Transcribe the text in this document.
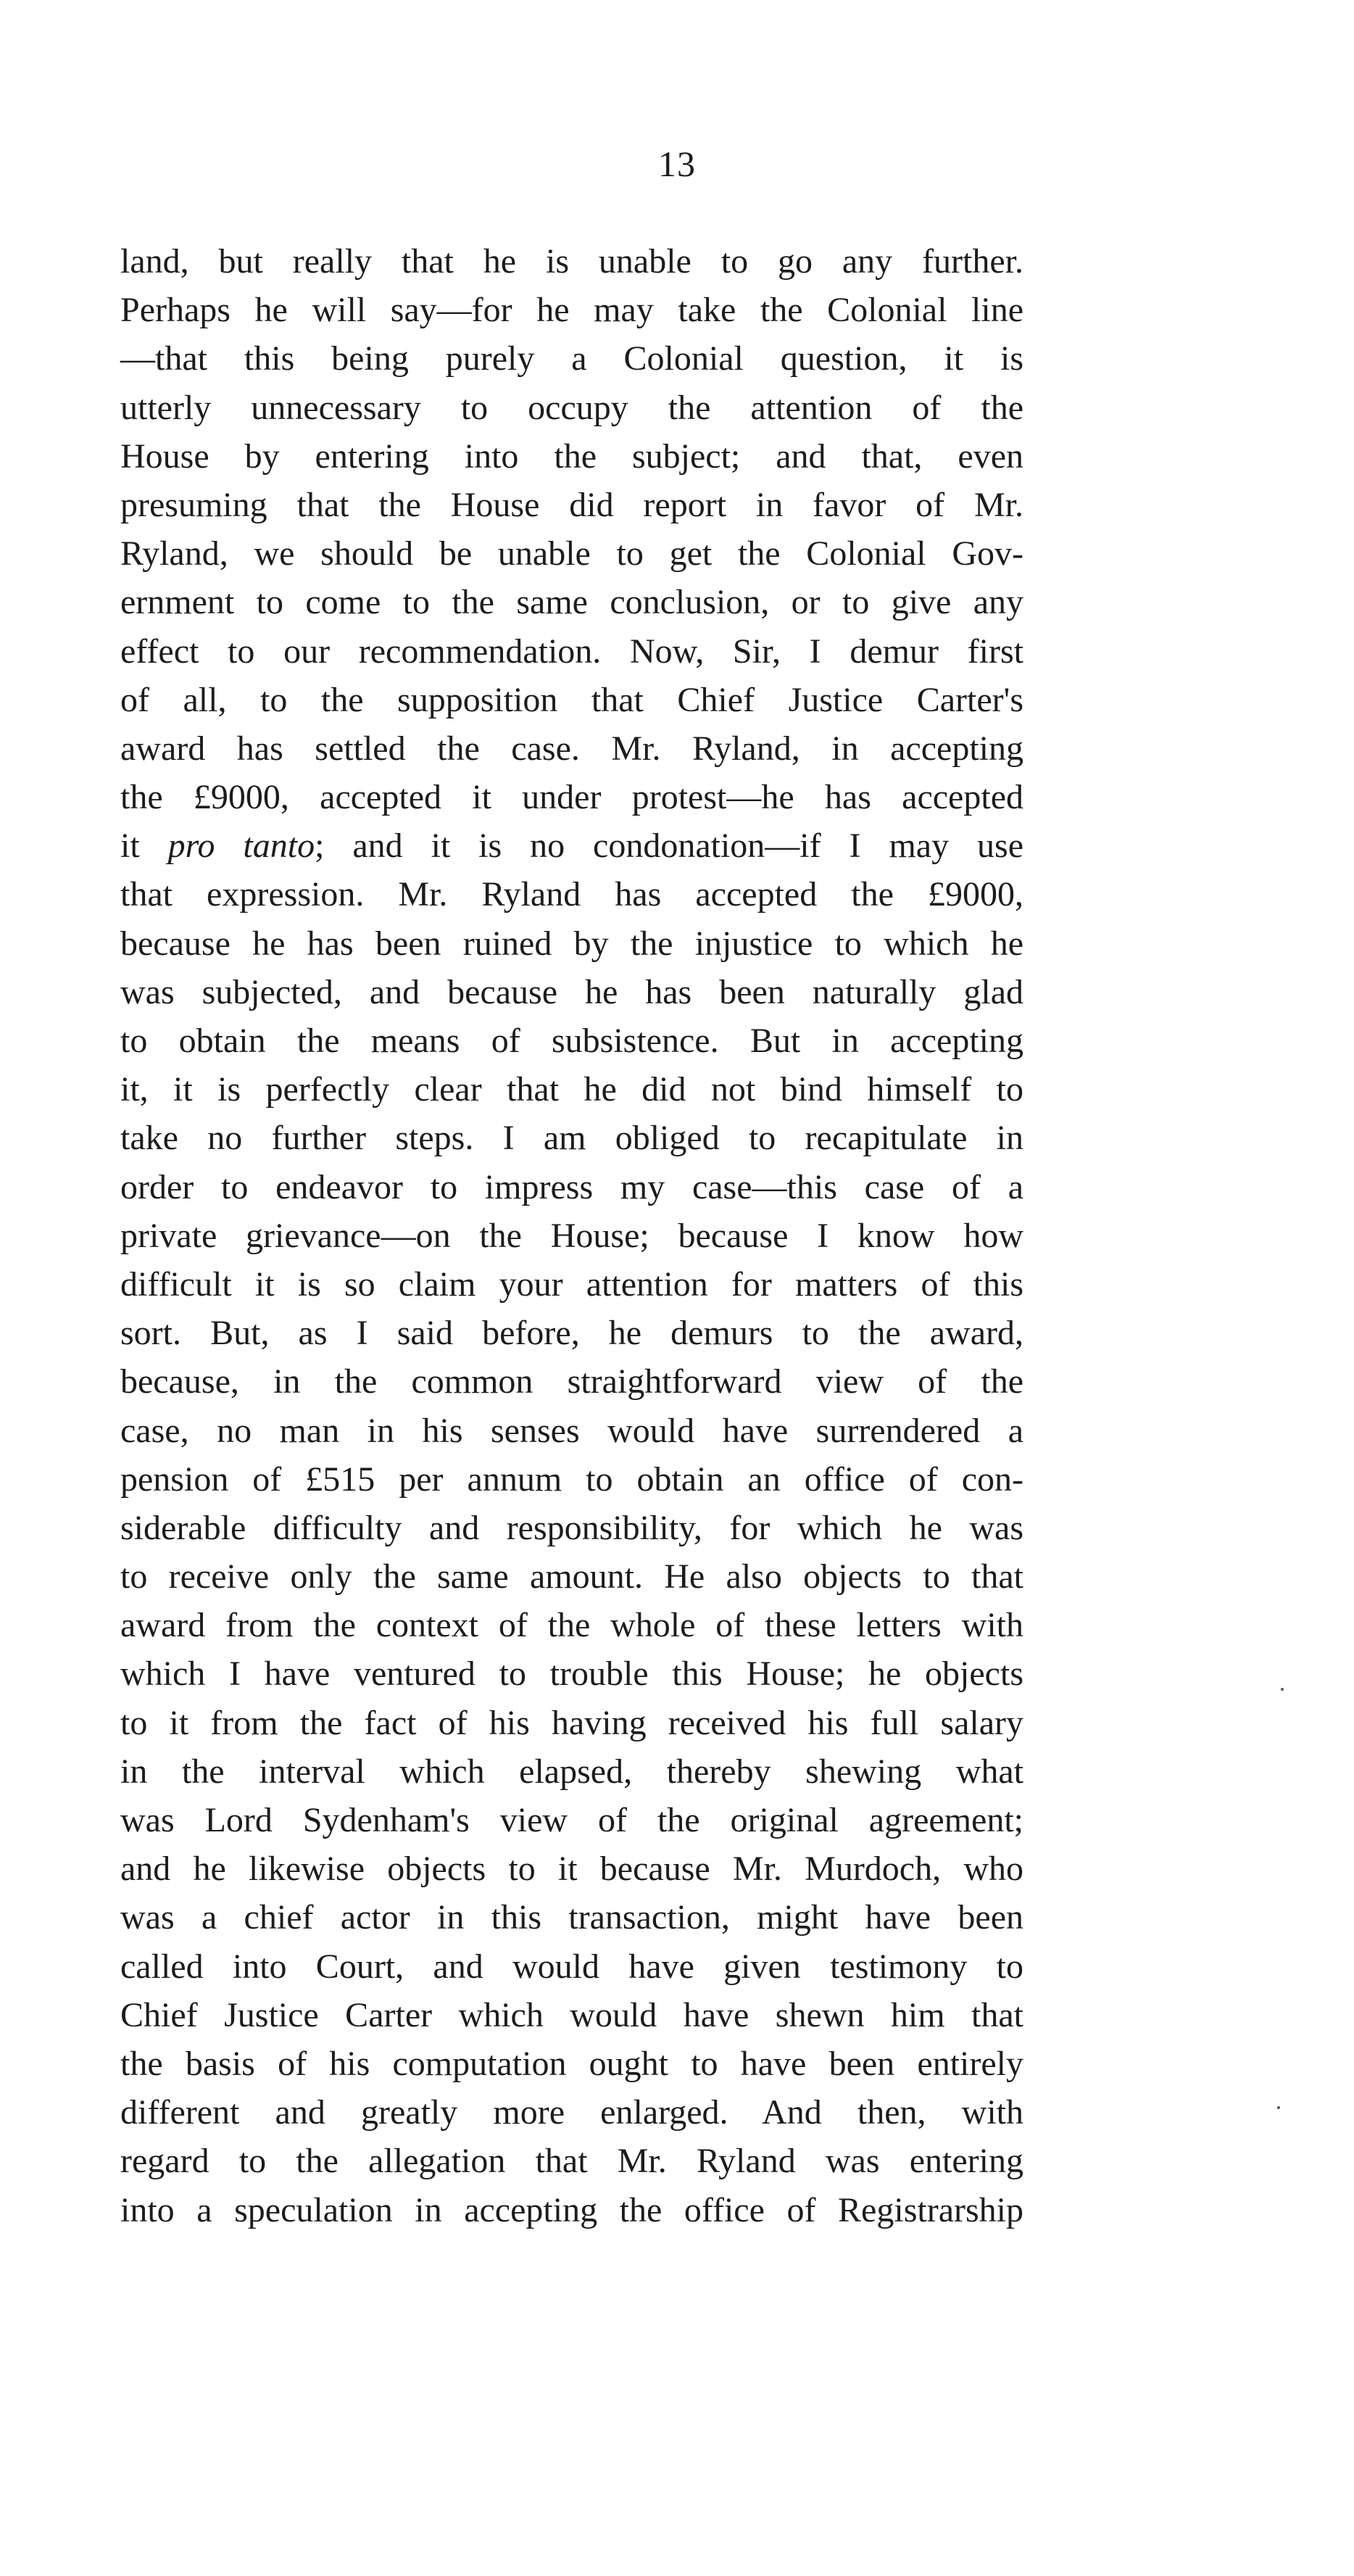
13
land, but really that he is unable to go any further.
Perhaps he will say—for he may take the Colonial line
—that this being purely a Colonial question, it is
utterly unnecessary to occupy the attention of the
House by entering into the subject; and that, even
presuming that the House did report in favor of Mr.
Ryland, we should be unable to get the Colonial Gov-
ernment to come to the same conclusion, or to give any
effect to our recommendation. Now, Sir, I demur first
of all, to the supposition that Chief Justice Carter's
award has settled the case. Mr. Ryland, in accepting
the £9000, accepted it under protest—he has accepted
it pro tanto; and it is no condonation—if I may use
that expression. Mr. Ryland has accepted the £9000,
because he has been ruined by the injustice to which he
was subjected, and because he has been naturally glad
to obtain the means of subsistence. But in accepting
it, it is perfectly clear that he did not bind himself to
take no further steps. I am obliged to recapitulate in
order to endeavor to impress my case—this case of a
private grievance—on the House; because I know how
difficult it is so claim your attention for matters of this
sort. But, as I said before, he demurs to the award,
because, in the common straightforward view of the
case, no man in his senses would have surrendered a
pension of £515 per annum to obtain an office of con-
siderable difficulty and responsibility, for which he was
to receive only the same amount. He also objects to that
award from the context of the whole of these letters with
which I have ventured to trouble this House; he objects
to it from the fact of his having received his full salary
in the interval which elapsed, thereby shewing what
was Lord Sydenham's view of the original agreement;
and he likewise objects to it because Mr. Murdoch, who
was a chief actor in this transaction, might have been
called into Court, and would have given testimony to
Chief Justice Carter which would have shewn him that
the basis of his computation ought to have been entirely
different and greatly more enlarged. And then, with
regard to the allegation that Mr. Ryland was entering
into a speculation in accepting the office of Registrarship
